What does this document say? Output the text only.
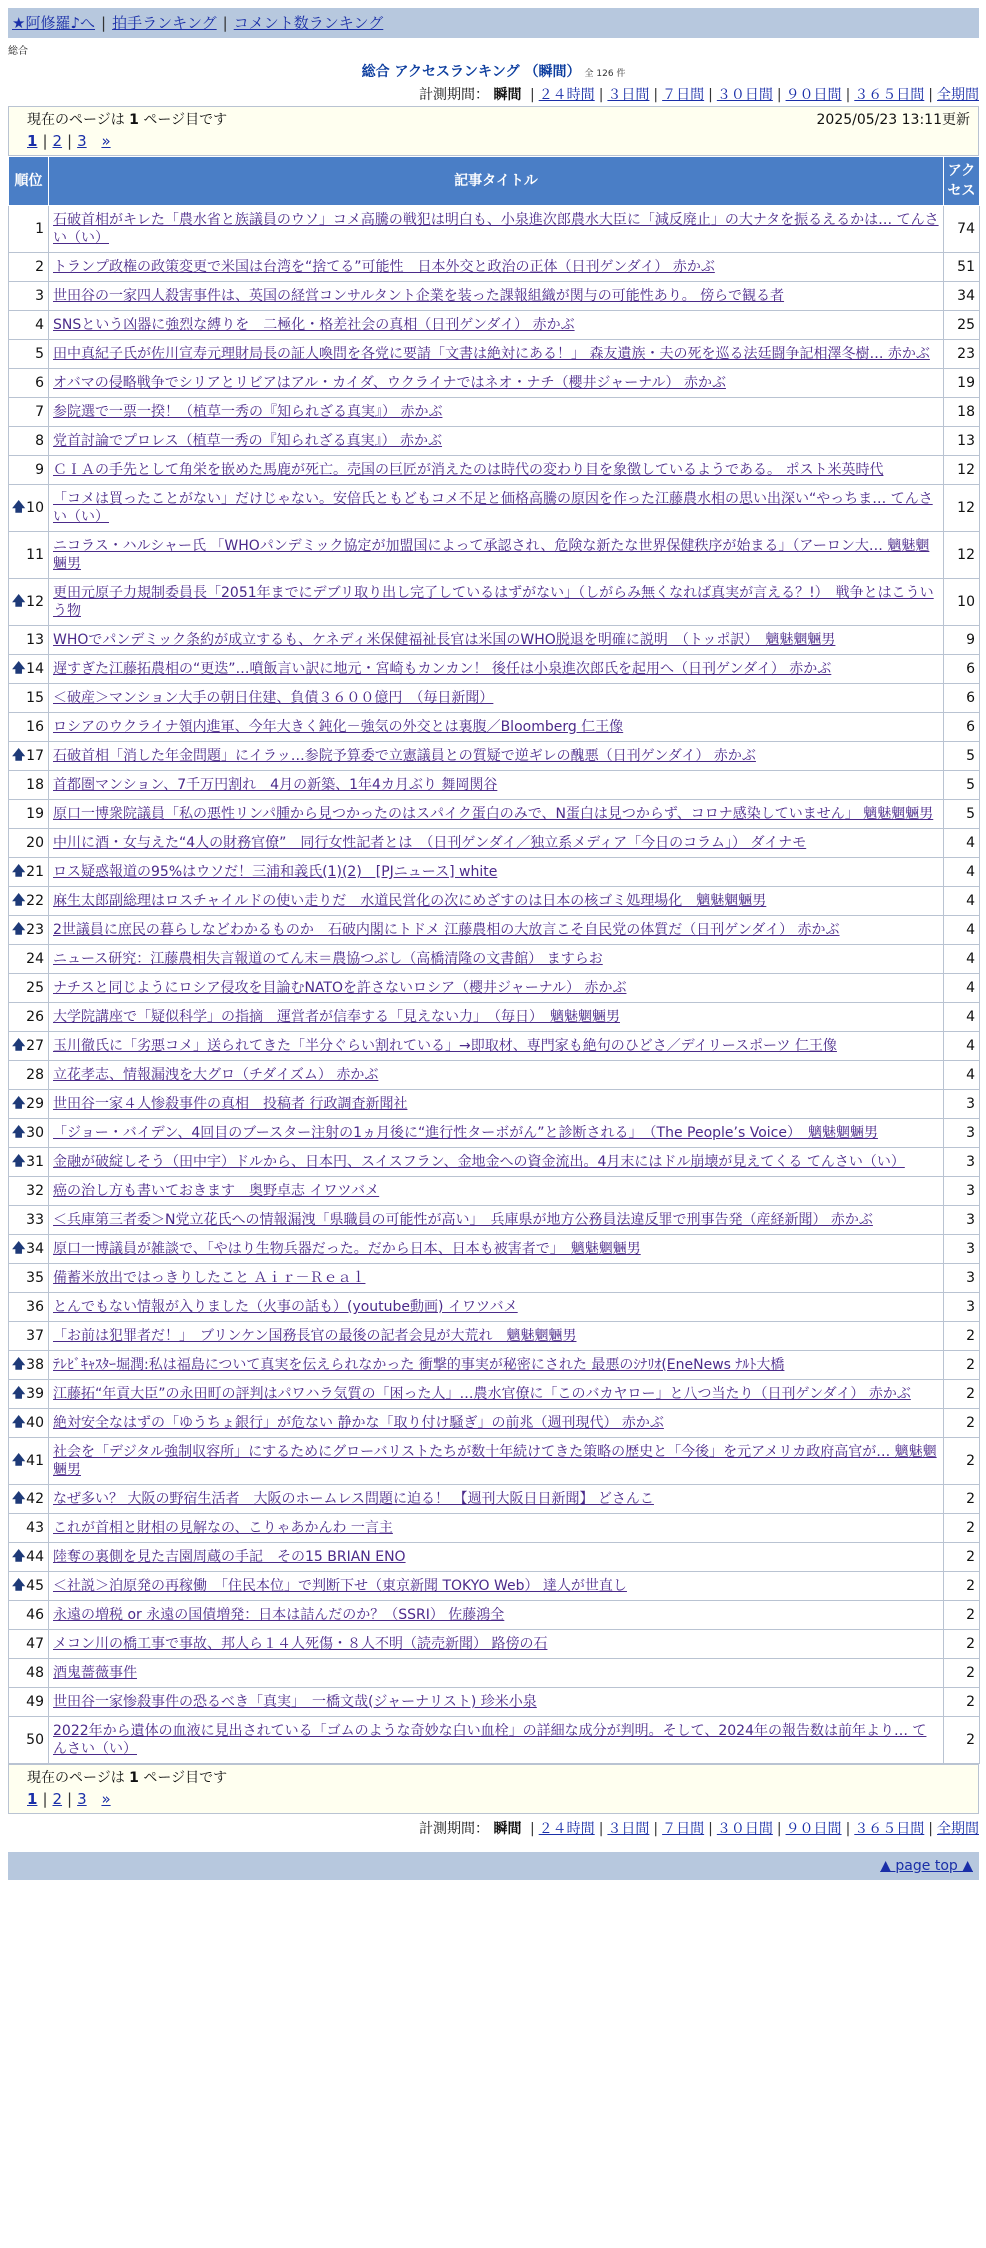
★阿修羅♪へ | 拍手ランキング | コメント数ランキング
総合
総合 アクセスランキング （瞬間） 全 126 件
計測期間： 瞬間 | ２４時間 | ３日間 | ７日間 | ３０日間 | ９０日間 | ３６５日間 | 全期間
現在のページは 1 ページ目です	2025/05/23 13:11更新
1 | 2 | 3 »
順位	記事タイトル	アクセス
1	石破首相がキレた「農水省と族議員のウソ」コメ高騰の戦犯は明白も、小泉進次郎農水大臣に「減反廃止」の大ナタを振るえるかは… てんさい（い）	74
2	トランプ政権の政策変更で米国は台湾を“捨てる”可能性　日本外交と政治の正体（日刊ゲンダイ） 赤かぶ	51
3	世田谷の一家四人殺害事件は、英国の経営コンサルタント企業を装った課報組織が関与の可能性あり。 傍らで観る者	34
4	SNSという凶器に強烈な縛りを　二極化・格差社会の真相（日刊ゲンダイ） 赤かぶ	25
5	田中真紀子氏が佐川宣寿元理財局長の証人喚問を各党に要請「文書は絶対にある！」 森友遺族・夫の死を巡る法廷闘争記相澤冬樹… 赤かぶ	23
6	オバマの侵略戦争でシリアとリビアはアル・カイダ、ウクライナではネオ・ナチ（櫻井ジャーナル） 赤かぶ	19
7	参院選で一票一揆！（植草一秀の『知られざる真実』） 赤かぶ	18
8	党首討論でプロレス（植草一秀の『知られざる真実』） 赤かぶ	13
9	ＣＩＡの手先として角栄を嵌めた馬鹿が死亡。売国の巨匠が消えたのは時代の変わり目を象徴しているようである。 ポスト米英時代	12

🡅 10	「コメは買ったことがない」だけじゃない。安倍氏ともどもコメ不足と価格高騰の原因を作った江藤農水相の思い出深い“やっちま… てんさい（い）	12
11	ニコラス・ハルシャー氏 「WHOパンデミック協定が加盟国によって承認され、危険な新たな世界保健秩序が始まる」（アーロン大… 魑魅魍魎男	12

🡅 12	更田元原子力規制委員長「2051年までにデブリ取り出し完了しているはずがない」（しがらみ無くなれば真実が言える？!）　戦争とはこういう物	10
13	WHOでパンデミック条約が成立するも、ケネディ米保健福祉長官は米国のWHO脱退を明確に説明　（トッポ訳）　魑魅魍魎男	9

🡅 14	遅すぎた江藤拓農相の“更迭”…噴飯言い訳に地元・宮崎もカンカン！ 後任は小泉進次郎氏を起用へ（日刊ゲンダイ） 赤かぶ	6
15	＜破産＞マンション大手の朝日住建、負債３６００億円　（毎日新聞）	6
16	ロシアのウクライナ領内進軍、今年大きく鈍化－強気の外交とは裏腹／Bloomberg 仁王像	6

🡅 17	石破首相「消した年金問題」にイラッ…参院予算委で立憲議員との質疑で逆ギレの醜悪（日刊ゲンダイ） 赤かぶ	5
18	首都圏マンション、7千万円割れ　4月の新築、1年4カ月ぶり 舞岡関谷	5
19	原口一博衆院議員「私の悪性リンパ腫から見つかったのはスパイク蛋白のみで、N蛋白は見つからず、コロナ感染していません」 魑魅魍魎男	5
20	中川に酒・女与えた“4人の財務官僚”　同行女性記者とは　（日刊ゲンダイ／独立系メディア「今日のコラム」） ダイナモ	4

🡅 21	ロス疑惑報道の95%はウソだ！三浦和義氏(1)(2)　[PJニュース] white	4

🡅 22	麻生太郎副総理はロスチャイルドの使い走りだ　水道民営化の次にめざすのは日本の核ゴミ処理場化　魑魅魍魎男	4

🡅 23	2世議員に庶民の暮らしなどわかるものか　石破内閣にトドメ 江藤農相の大放言こそ自民党の体質だ（日刊ゲンダイ） 赤かぶ	4
24	ニュース研究：江藤農相失言報道のてん末＝農協つぶし（高橋清隆の文書館） ますらお	4
25	ナチスと同じようにロシア侵攻を目論むNATOを許さないロシア（櫻井ジャーナル） 赤かぶ	4
26	大学院講座で「疑似科学」の指摘　運営者が信奉する「見えない力」　（毎日）　魑魅魍魎男	4

🡅 27	玉川徹氏に「劣悪コメ」送られてきた「半分ぐらい割れている」→即取材、専門家も絶句のひどさ／デイリースポーツ 仁王像	4
28	立花孝志、情報漏洩を大グロ（チダイズム） 赤かぶ	4

🡅 29	世田谷一家４人惨殺事件の真相　投稿者 行政調査新聞社	3

🡅 30	「ジョー・バイデン、4回目のブースター注射の1ヵ月後に“進行性ターボがん”と診断される」　（The People’s Voice）　魑魅魍魎男	3

🡅 31	金融が破綻しそう（田中宇）ドルから、日本円、スイスフラン、金地金への資金流出。4月末にはドル崩壊が見えてくる てんさい（い）	3
32	癌の治し方も書いておきます　奥野卓志 イワツバメ	3
33	＜兵庫第三者委＞N党立花氏への情報漏洩「県職員の可能性が高い」　兵庫県が地方公務員法違反罪で刑事告発（産経新聞） 赤かぶ	3

🡅 34	原口一博議員が雑談で、「やはり生物兵器だった。だから日本、日本も被害者で」　魑魅魍魎男	3
35	備蓄米放出ではっきりしたこと Ａｉｒ－Ｒｅａｌ	3
36	とんでもない情報が入りました（火事の話も）(youtube動画) イワツバメ	3
37	「お前は犯罪者だ！」　ブリンケン国務長官の最後の記者会見が大荒れ　魑魅魍魎男	2

🡅 38	ﾃﾚﾋﾞｷｬｽﾀｰ堀潤:私は福島について真実を伝えられなかった 衝撃的事実が秘密にされた 最悪のｼﾅﾘｵ(EneNews ﾅﾙﾄ大橋	2

🡅 39	江藤拓“年貢大臣”の永田町の評判はパワハラ気質の「困った人」…農水官僚に「このバカヤロー」と八つ当たり（日刊ゲンダイ） 赤かぶ	2

🡅 40	絶対安全なはずの「ゆうちょ銀行」が危ない 静かな「取り付け騒ぎ」の前兆（週刊現代） 赤かぶ	2

🡅 41	社会を「デジタル強制収容所」にするためにグローバリストたちが数十年続けてきた策略の歴史と「今後」を元アメリカ政府高官が… 魑魅魍魎男	2

🡅 42	なぜ多い？ 大阪の野宿生活者　大阪のホームレス問題に迫る！ 【週刊大阪日日新聞】 どさんこ	2
43	これが首相と財相の見解なの、こりゃあかんわ 一言主	2

🡅 44	陸奪の裏側を見た吉園周蔵の手記　その15 BRIAN ENO	2

🡅 45	＜社説＞泊原発の再稼働　「住民本位」で判断下せ（東京新聞 TOKYO Web） 達人が世直し	2
46	永遠の増税 or 永遠の国債増発：日本は詰んだのか？（SSRI） 佐藤鴻全	2
47	メコン川の橋工事で事故、邦人ら１４人死傷・８人不明（読売新聞） 路傍の石	2
48	酒鬼薔薇事件	2
49	世田谷一家惨殺事件の恐るべき「真実」　一橋文哉(ジャーナリスト) 珍米小泉	2
50	2022年から遺体の血液に見出されている「ゴムのような奇妙な白い血栓」の詳細な成分が判明。そして、2024年の報告数は前年より… てんさい（い）	2
現在のページは 1 ページ目です
1 | 2 | 3 »
計測期間： 瞬間 | ２４時間 | ３日間 | ７日間 | ３０日間 | ９０日間 | ３６５日間 | 全期間
▲ page top ▲
